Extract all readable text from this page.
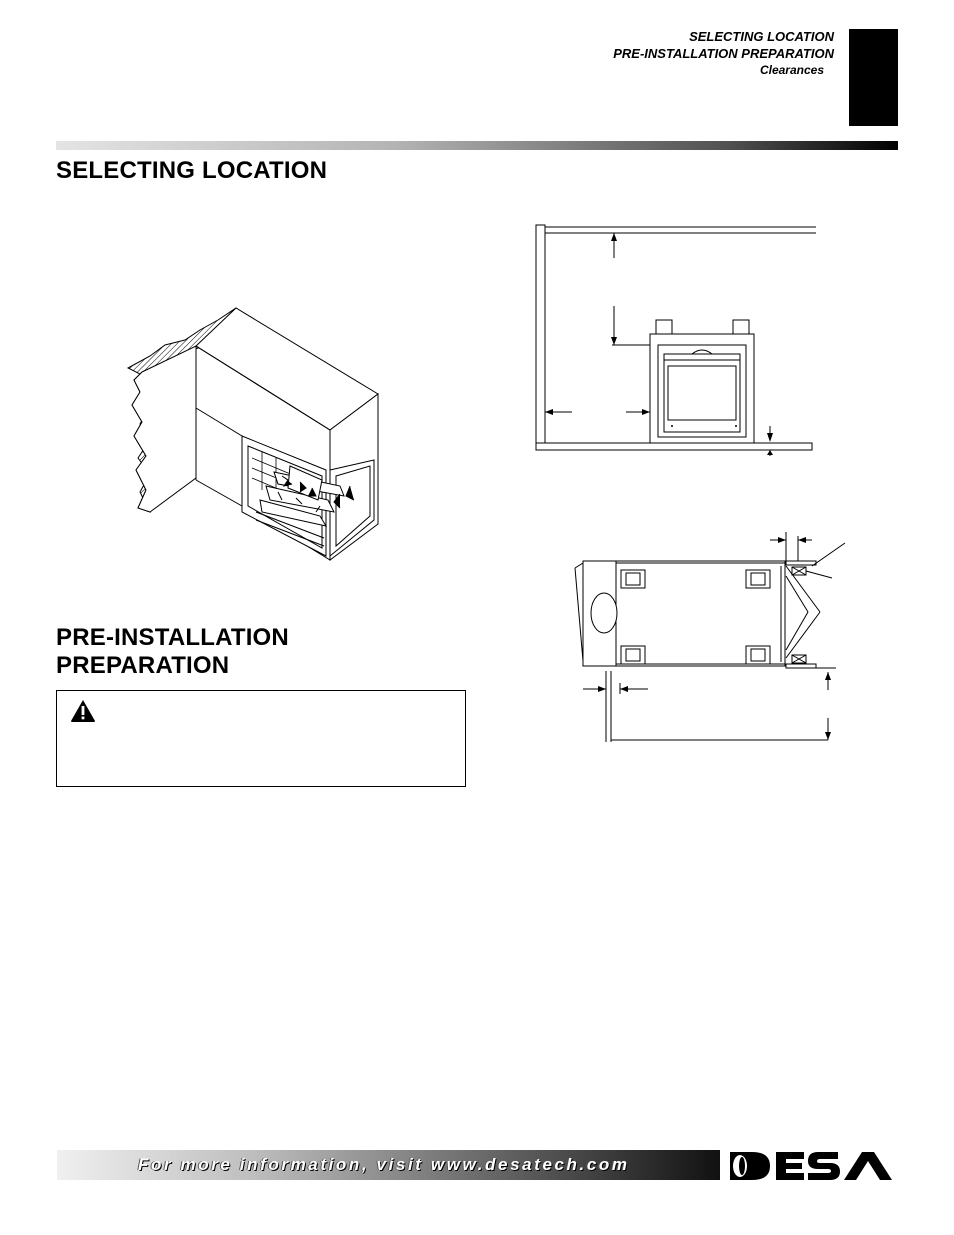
SELECTING LOCATION
PRE-INSTALLATION PREPARATION
Clearances
SELECTING LOCATION
PRE-INSTALLATION
PREPARATION
For more information, visit www.desatech.com
